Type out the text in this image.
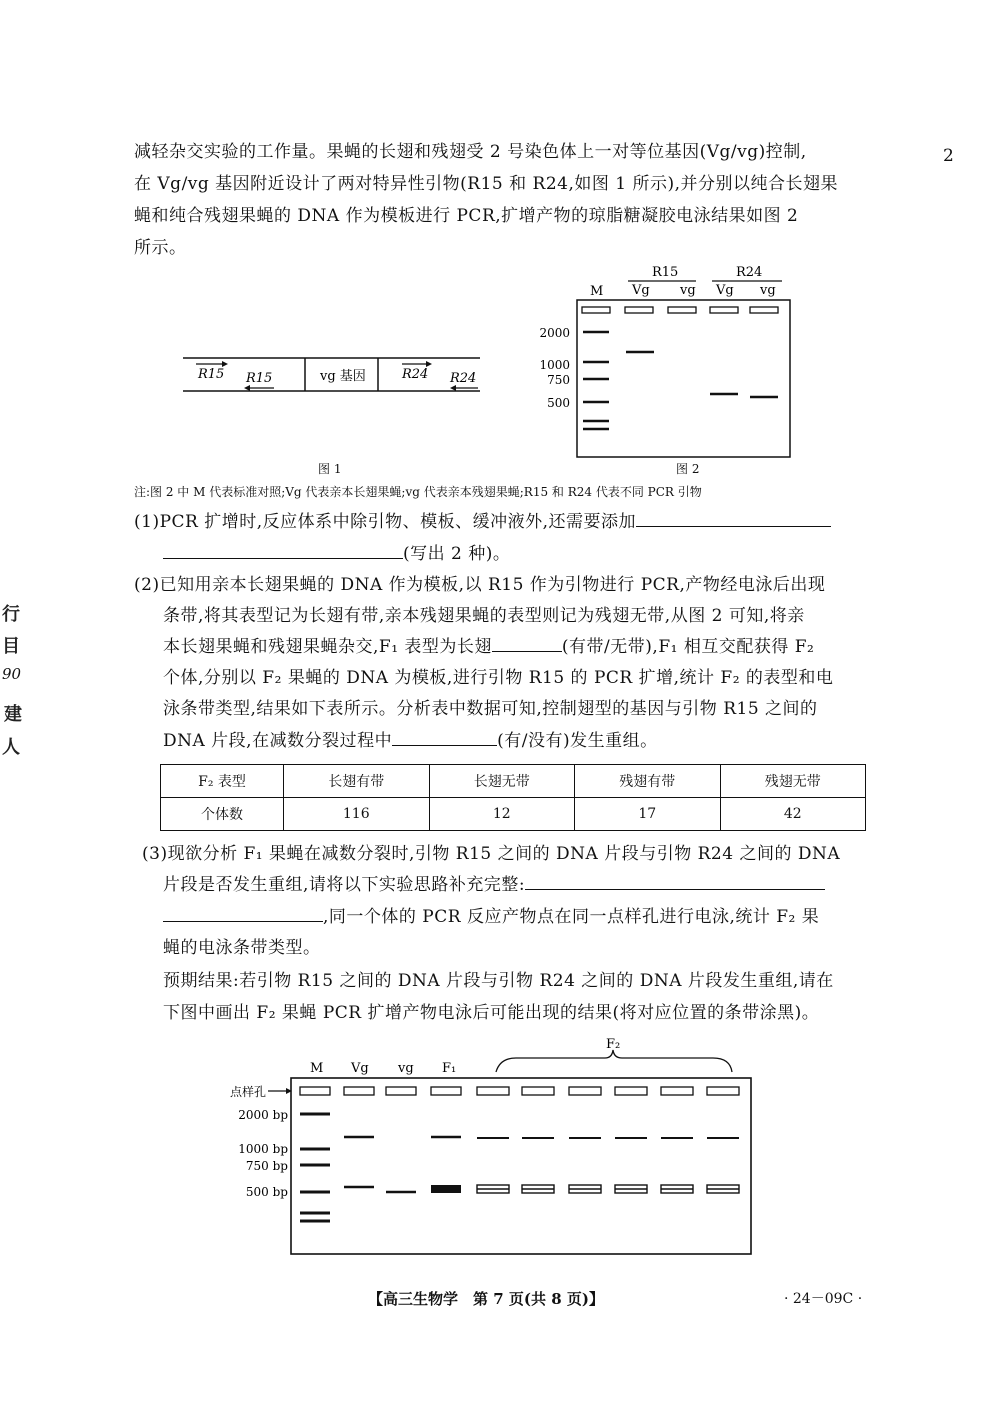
2
行
目
90
建
人
减轻杂交实验的工作量。果蝇的长翅和残翅受 2 号染色体上一对等位基因(Vg/vg)控制,
在 Vg/vg 基因附近设计了两对特异性引物(R15 和 R24,如图 1 所示),并分别以纯合长翅果
蝇和纯合残翅果蝇的 DNA 作为模板进行 PCR,扩增产物的琼脂糖凝胶电泳结果如图 2
所示。
R15 R15	vg 基因	R24 R24
图 1
R15	R24
M Vg vg Vg vg
2000
1000
750
500
图 2
注:图 2 中 M 代表标准对照;Vg 代表亲本长翅果蝇;vg 代表亲本残翅果蝇;R15 和 R24 代表不同 PCR 引物
(1)PCR 扩增时,反应体系中除引物、模板、缓冲液外,还需要添加
(写出 2 种)。
(2)已知用亲本长翅果蝇的 DNA 作为模板,以 R15 作为引物进行 PCR,产物经电泳后出现
条带,将其表型记为长翅有带,亲本残翅果蝇的表型则记为残翅无带,从图 2 可知,将亲
本长翅果蝇和残翅果蝇杂交,F₁ 表型为长翅	(有带/无带),F₁ 相互交配获得 F₂
个体,分别以 F₂ 果蝇的 DNA 为模板,进行引物 R15 的 PCR 扩增,统计 F₂ 的表型和电
泳条带类型,结果如下表所示。分析表中数据可知,控制翅型的基因与引物 R15 之间的
DNA 片段,在减数分裂过程中	(有/没有)发生重组。
F₂ 表型	长翅有带	长翅无带	残翅有带	残翅无带
个体数	116	12	17	42
(3)现欲分析 F₁ 果蝇在减数分裂时,引物 R15 之间的 DNA 片段与引物 R24 之间的 DNA
片段是否发生重组,请将以下实验思路补充完整:
,同一个体的 PCR 反应产物点在同一点样孔进行电泳,统计 F₂ 果
蝇的电泳条带类型。
预期结果:若引物 R15 之间的 DNA 片段与引物 R24 之间的 DNA 片段发生重组,请在
下图中画出 F₂ 果蝇 PCR 扩增产物电泳后可能出现的结果(将对应位置的条带涂黑)。
M Vg vg F₁
F₂
点样孔
2000 bp
1000 bp
750 bp
500 bp
【高三生物学　第 7 页(共 8 页)】	· 24－09C ·
